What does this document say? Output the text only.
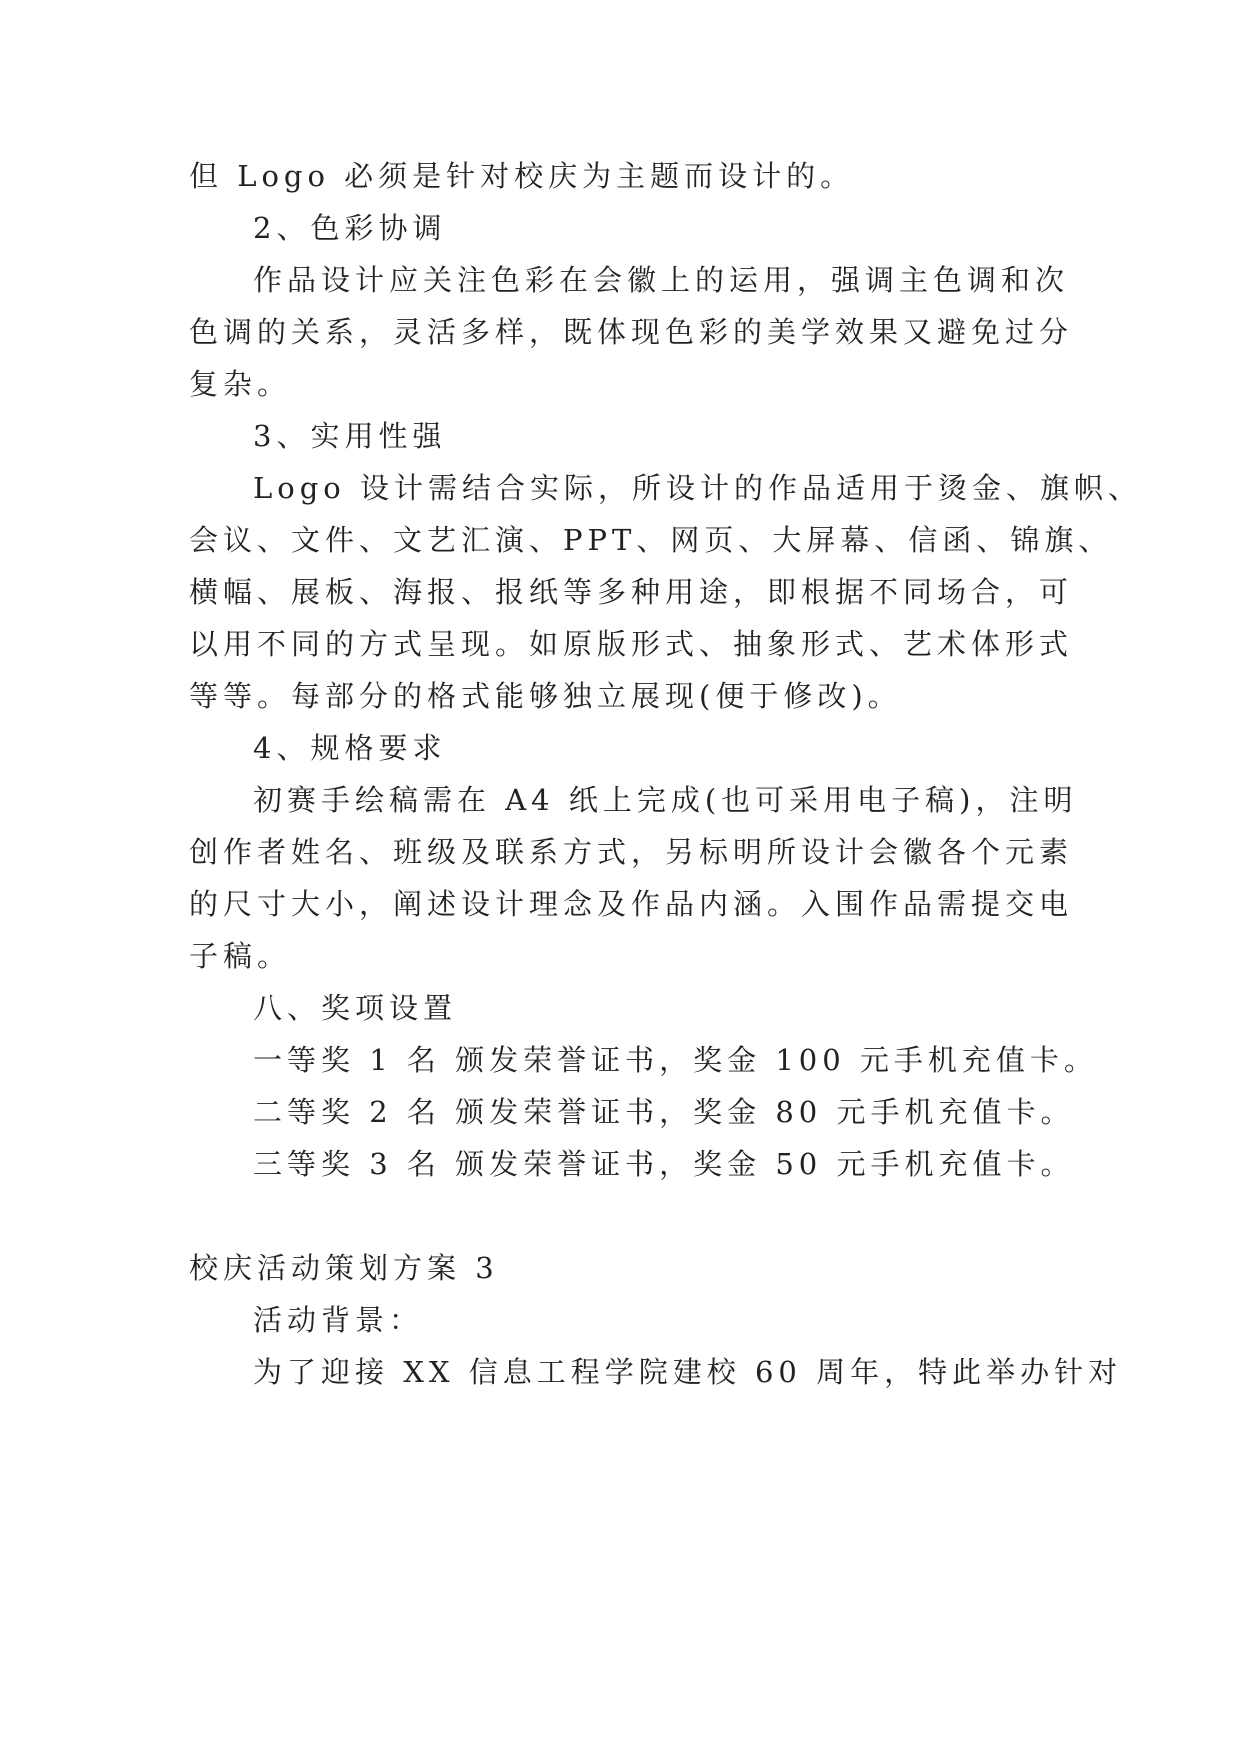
但 Logo 必须是针对校庆为主题而设计的。
2、色彩协调
作品设计应关注色彩在会徽上的运用，强调主色调和次
色调的关系，灵活多样，既体现色彩的美学效果又避免过分
复杂。
3、实用性强
Logo 设计需结合实际，所设计的作品适用于烫金、旗帜、
会议、文件、文艺汇演、PPT、网页、大屏幕、信函、锦旗、
横幅、展板、海报、报纸等多种用途，即根据不同场合，可
以用不同的方式呈现。如原版形式、抽象形式、艺术体形式
等等。每部分的格式能够独立展现(便于修改)。
4、规格要求
初赛手绘稿需在 A4 纸上完成(也可采用电子稿)，注明
创作者姓名、班级及联系方式，另标明所设计会徽各个元素
的尺寸大小，阐述设计理念及作品内涵。入围作品需提交电
子稿。
八、奖项设置
一等奖 1 名 颁发荣誉证书，奖金 100 元手机充值卡。
二等奖 2 名 颁发荣誉证书，奖金 80 元手机充值卡。
三等奖 3 名 颁发荣誉证书，奖金 50 元手机充值卡。
校庆活动策划方案 3
活动背景：
为了迎接 XX 信息工程学院建校 60 周年，特此举办针对
